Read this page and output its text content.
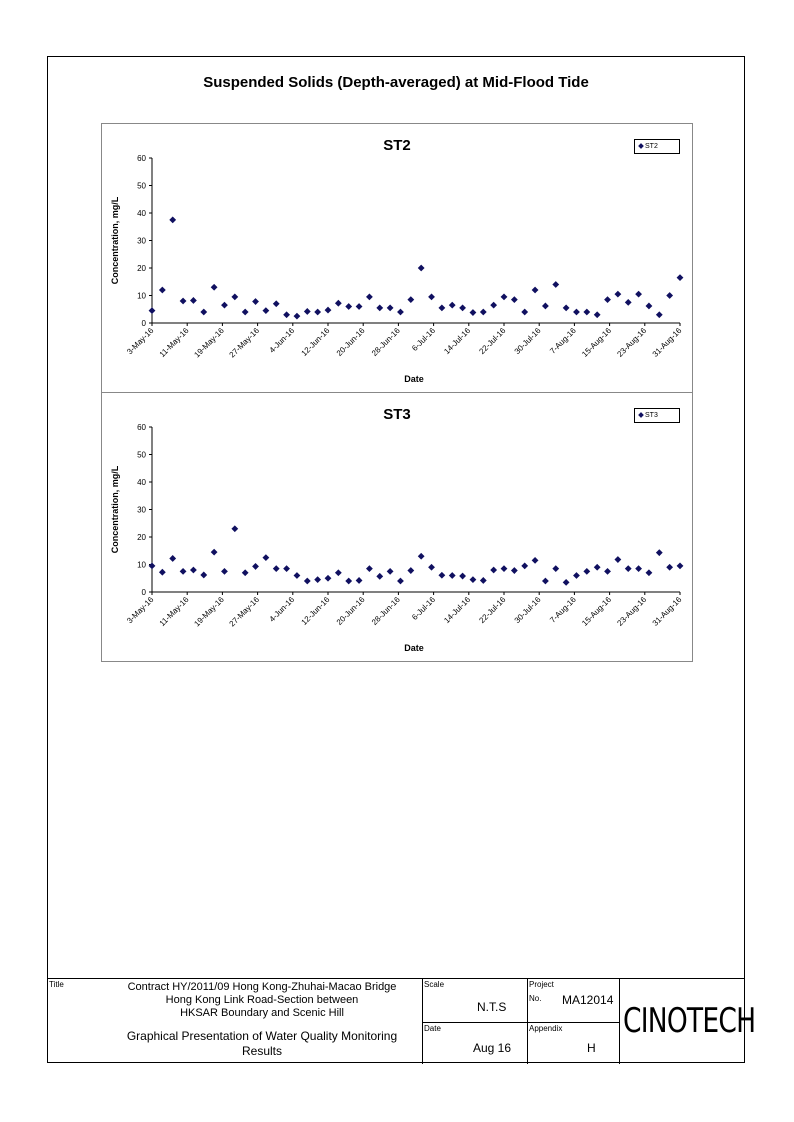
Suspended Solids (Depth-averaged) at Mid-Flood Tide
ST2
0
10
20
30
40
50
60
3-May-16 11-May-16 19-May-16 27-May-16 4-Jun-16 12-Jun-16 20-Jun-16 28-Jun-16 6-Jul-16 14-Jul-16 22-Jul-16 30-Jul-16 7-Aug-16 15-Aug-16 23-Aug-16 31-Aug-16
Date
Concentration, mg/L
ST2
ST3
0
10
20
30
40
50
60
3-May-16 11-May-16 19-May-16 27-May-16 4-Jun-16 12-Jun-16 20-Jun-16 28-Jun-16 6-Jul-16 14-Jul-16 22-Jul-16 30-Jul-16 7-Aug-16 15-Aug-16 23-Aug-16 31-Aug-16
Date
Concentration, mg/L
ST3
Title	Contract HY/2011/09 Hong Kong-Zhuhai-Macao Bridge
Hong Kong Link Road-Section between
HKSAR Boundary and Scenic Hill
Graphical Presentation of Water Quality Monitoring
Results
Scale
N.T.S
Date
Aug 16
Project
No. MA12014
Appendix
H
CINOTECH
